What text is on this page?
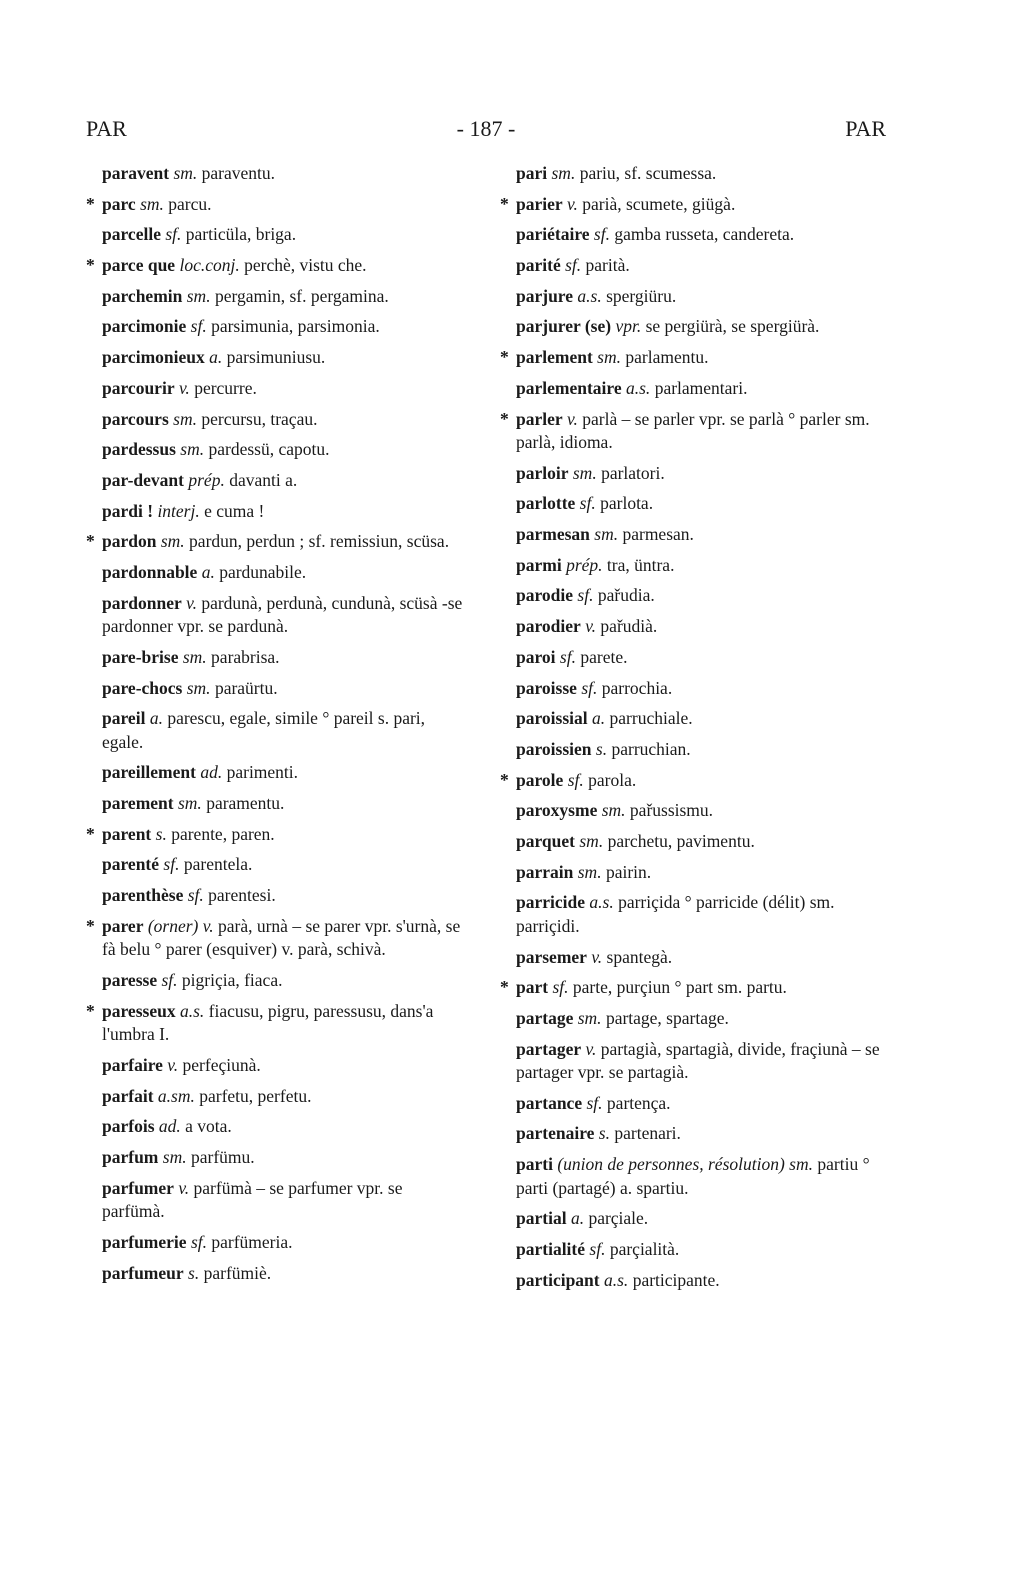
PAR	- 187 -	PAR
paravent sm. paraventu.
* parc sm. parcu.
parcelle sf. particüla, briga.
* parce que loc.conj. perchè, vistu che.
parchemin sm. pergamin, sf. pergamina.
parcimonie sf. parsimunia, parsimonia.
parcimonieux a. parsimuniusu.
parcourir v. percurre.
parcours sm. percursu, traçau.
pardessus sm. pardessü, capotu.
par-devant prép. davanti a.
pardi ! interj. e cuma !
* pardon sm. pardun, perdun ; sf. remissiun, scüsa.
pardonnable a. pardunabile.
pardonner v. pardunà, perdunà, cundunà, scüsà -se pardonner vpr. se pardunà.
pare-brise sm. parabrisa.
pare-chocs sm. paraürtu.
pareil a. parescu, egale, simile ° pareil s. pari, egale.
pareillement ad. parimenti.
parement sm. paramentu.
* parent s. parente, paren.
parenté sf. parentela.
parenthèse sf. parentesi.
* parer (orner) v. parà, urnà – se parer vpr. s'urnà, se fà belu ° parer (esquiver) v. parà, schivà.
paresse sf. pigriçia, fiaca.
* paresseux a.s. fiacusu, pigru, paressusu, dans'a l'umbra I.
parfaire v. perfeçiunà.
parfait a.sm. parfetu, perfetu.
parfois ad. a vota.
parfum sm. parfümu.
parfumer v. parfümà – se parfumer vpr. se parfümà.
parfumerie sf. parfümeria.
parfumeur s. parfümiè.
pari sm. pariu, sf. scumessa.
* parier v. parià, scumete, giügà.
pariétaire sf. gamba russeta, canderеta.
parité sf. parità.
parjure a.s. spergiüru.
parjurer (se) vpr. se pergiürà, se spergiürà.
* parlement sm. parlamentu.
parlementaire a.s. parlamentari.
* parler v. parlà – se parler vpr. se parlà ° parler sm. parlà, idioma.
parloir sm. parlatori.
parlotte sf. parlota.
parmesan sm. parmesan.
parmi prép. tra, üntra.
parodie sf. pařudia.
parodier v. pařudià.
paroi sf. parete.
paroisse sf. parrochia.
paroissial a. parruchiale.
paroissien s. parruchian.
* parole sf. parola.
paroxysme sm. pařussismu.
parquet sm. parchetu, pavimentu.
parrain sm. pairin.
parricide a.s. parriçida ° parricide (délit) sm. parriçidi.
parsemer v. spantegà.
* part sf. parte, purçiun ° part sm. partu.
partage sm. partage, spartage.
partager v. partagià, spartagià, divide, fraçiunà – se partager vpr. se partagià.
partance sf. partença.
partenaire s. partenari.
parti (union de personnes, résolution) sm. partiu ° parti (partagé) a. spartiu.
partial a. parçiale.
partialité sf. parçialità.
participant a.s. participante.
